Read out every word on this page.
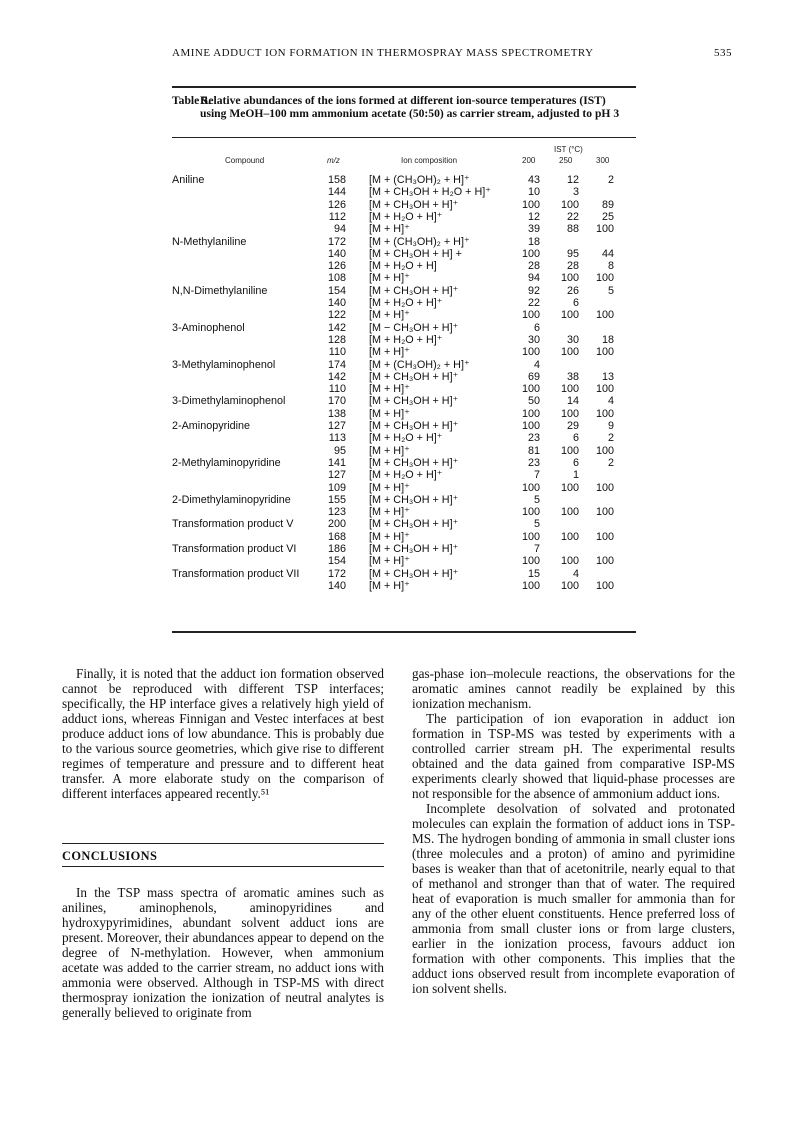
AMINE ADDUCT ION FORMATION IN THERMOSPRAY MASS SPECTROMETRY	535
Table 5.
Relative abundances of the ions formed at different ion-source temperatures (IST) using MeOH–100 mm ammonium acetate (50:50) as carrier stream, adjusted to pH 3
IST (°C)
Compound	m/z	Ion composition	200	250	300
Aniline	158 [M + (CH₃OH)₂ + H]⁺	43	12	2
144 [M + CH₃OH + H₂O + H]⁺	10	3
126 [M + CH₃OH + H]⁺	100	100	89
112 [M + H₂O + H]⁺	12	22	25
94 [M + H]⁺	39	88	100
N-Methylaniline	172 [M + (CH₃OH)₂ + H]⁺	18
140 [M + CH₃OH + H] +	100	95	44
126 [M + H₂O + H]	28	28	8
108 [M + H]⁺	94	100	100
N,N-Dimethylaniline	154 [M + CH₃OH + H]⁺	92	26	5
140 [M + H₂O + H]⁺	22	6
122 [M + H]⁺	100	100	100
3-Aminophenol	142 [M − CH₃OH + H]⁺	6
128 [M + H₂O + H]⁺	30	30	18
110 [M + H]⁺	100	100	100
3-Methylaminophenol	174 [M + (CH₃OH)₂ + H]⁺	4
142 [M + CH₃OH + H]⁺	69	38	13
110 [M + H]⁺	100	100	100
3-Dimethylaminophenol	170 [M + CH₃OH + H]⁺	50	14	4
138 [M + H]⁺	100	100	100
2-Aminopyridine	127 [M + CH₃OH + H]⁺	100	29	9
113 [M + H₂O + H]⁺	23	6	2
95 [M + H]⁺	81	100	100
2-Methylaminopyridine	141 [M + CH₃OH + H]⁺	23	6	2
127 [M + H₂O + H]⁺	7	1
109 [M + H]⁺	100	100	100
2-Dimethylaminopyridine	155 [M + CH₃OH + H]⁺	5
123 [M + H]⁺	100	100	100
Transformation product V	200 [M + CH₃OH + H]⁺	5
168 [M + H]⁺	100	100	100
Transformation product VI	186 [M + CH₃OH + H]⁺	7
154 [M + H]⁺	100	100	100
Transformation product VII	172 [M + CH₃OH + H]⁺	15	4
140 [M + H]⁺	100	100	100

Finally, it is noted that the adduct ion formation observed cannot be reproduced with different TSP interfaces; specifically, the HP interface gives a relatively high yield of adduct ions, whereas Finnigan and Vestec interfaces at best produce adduct ions of low abundance. This is probably due to the various source geometries, which give rise to different regimes of temperature and pressure and to different heat transfer. A more elaborate study on the comparison of different interfaces appeared recently.⁵¹

CONCLUSIONS

In the TSP mass spectra of aromatic amines such as anilines, aminophenols, aminopyridines and hydroxypyrimidines, abundant solvent adduct ions are present. Moreover, their abundances appear to depend on the degree of N-methylation. However, when ammonium acetate was added to the carrier stream, no adduct ions with ammonia were observed. Although in TSP-MS with direct thermospray ionization the ionization of neutral analytes is generally believed to originate from

gas-phase ion–molecule reactions, the observations for the aromatic amines cannot readily be explained by this ionization mechanism.

The participation of ion evaporation in adduct ion formation in TSP-MS was tested by experiments with a controlled carrier stream pH. The experimental results obtained and the data gained from comparative ISP-MS experiments clearly showed that liquid-phase processes are not responsible for the absence of ammonium adduct ions.

Incomplete desolvation of solvated and protonated molecules can explain the formation of adduct ions in TSP-MS. The hydrogen bonding of ammonia in small cluster ions (three molecules and a proton) of amino and pyrimidine bases is weaker than that of acetonitrile, nearly equal to that of methanol and stronger than that of water. The required heat of evaporation is much smaller for ammonia than for any of the other eluent constituents. Hence preferred loss of ammonia from small cluster ions or from large clusters, earlier in the ionization process, favours adduct ion formation with other components. This implies that the adduct ions observed result from incomplete evaporation of ion solvent shells.
